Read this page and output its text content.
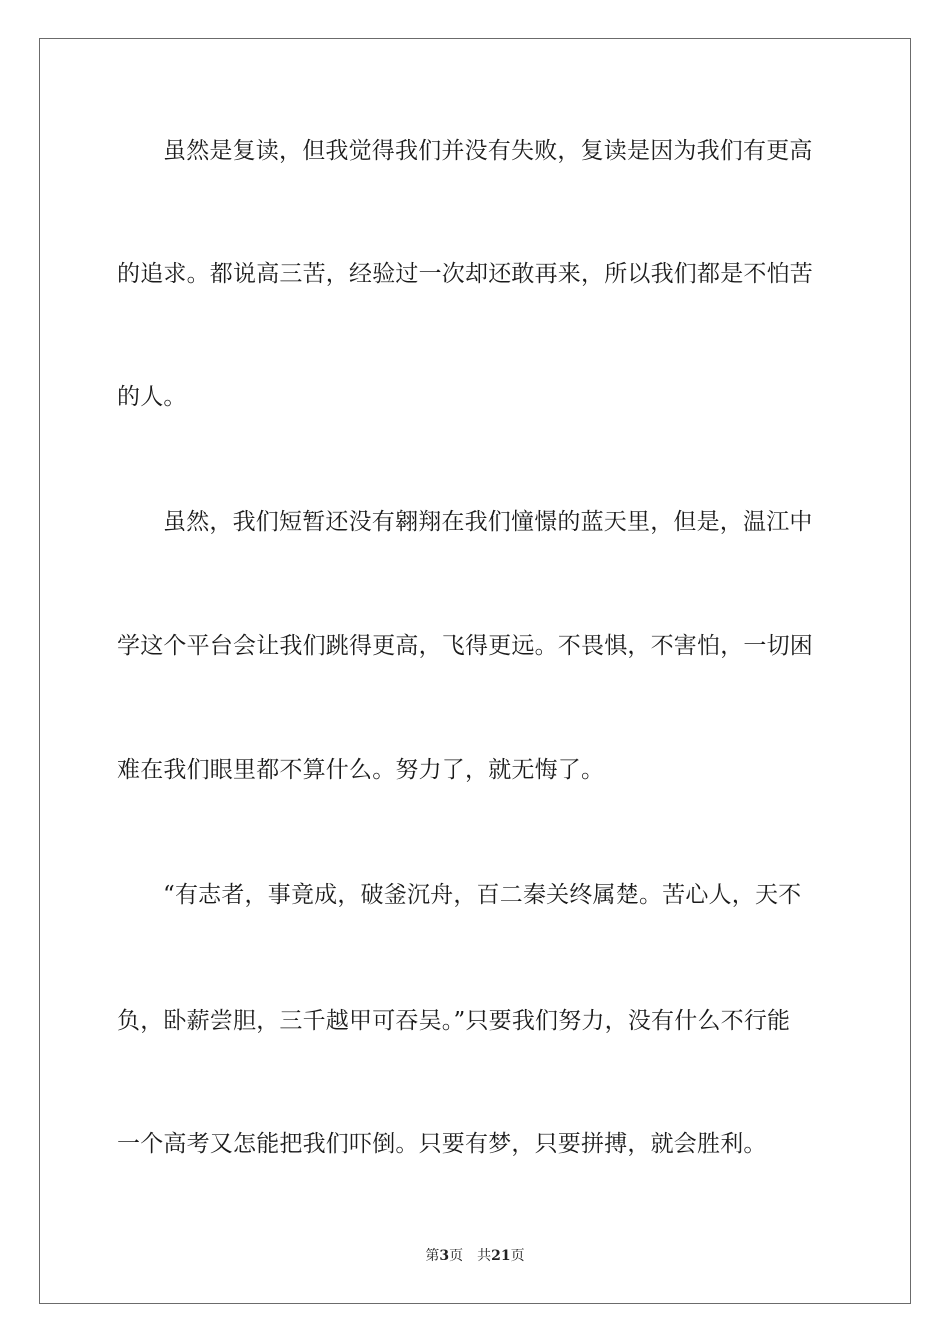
虽然是复读，但我觉得我们并没有失败，复读是因为我们有更高
的追求。都说高三苦，经验过一次却还敢再来，所以我们都是不怕苦
的人。
虽然，我们短暂还没有翱翔在我们憧憬的蓝天里，但是，温江中
学这个平台会让我们跳得更高，飞得更远。不畏惧，不害怕，一切困
难在我们眼里都不算什么。努力了，就无悔了。
“有志者，事竟成，破釜沉舟，百二秦关终属楚。苦心人，天不
负，卧薪尝胆，三千越甲可吞吴。”只要我们努力，没有什么不行能
一个高考又怎能把我们吓倒。只要有梦，只要拼搏，就会胜利。
第3页 共21页
